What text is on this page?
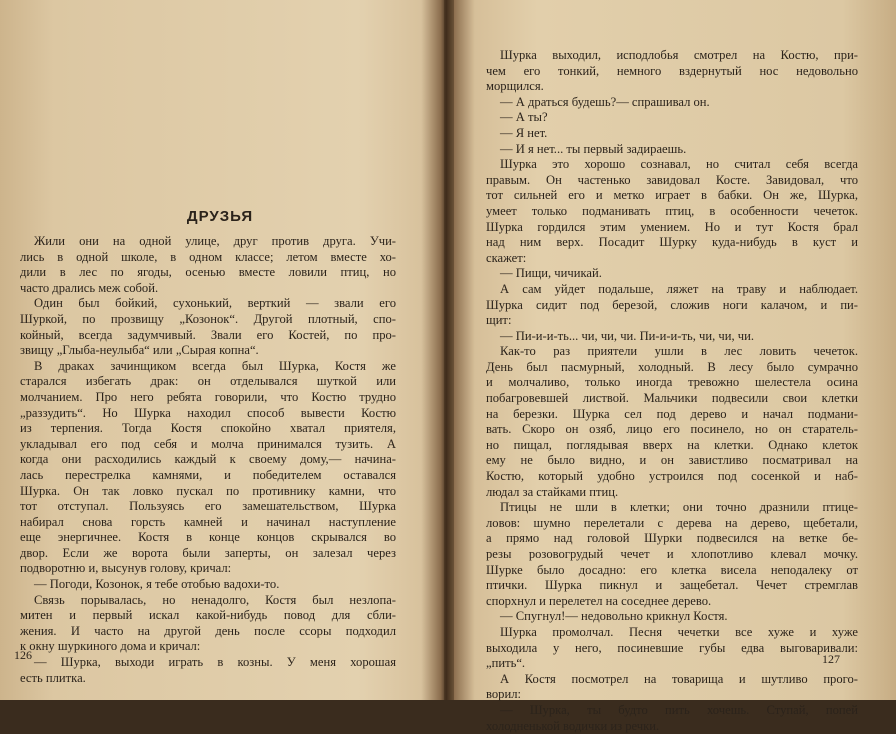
ДРУЗЬЯ
Жили они на одной улице, друг против друга. Учи-
лись в одной школе, в одном классе; летом вместе хо-
дили в лес по ягоды, осенью вместе ловили птиц, но
часто дрались меж собой.
Один был бойкий, сухонький, верткий — звали его
Шуркой, по прозвищу „Козонок“. Другой плотный, спо-
койный, всегда задумчивый. Звали его Костей, по про-
звищу „Глыба-неулыба“ или „Сырая копна“.
В драках зачинщиком всегда был Шурка, Костя же
старался избегать драк: он отделывался шуткой или
молчанием. Про него ребята говорили, что Костю трудно
„раззудить“. Но Шурка находил способ вывести Костю
из терпения. Тогда Костя спокойно хватал приятеля,
укладывал его под себя и молча принимался тузить. А
когда они расходились каждый к своему дому,— начина-
лась перестрелка камнями, и победителем оставался
Шурка. Он так ловко пускал по противнику камни, что
тот отступал. Пользуясь его замешательством, Шурка
набирал снова горсть камней и начинал наступление
еще энергичнее. Костя в конце концов скрывался во
двор. Если же ворота были заперты, он залезал через
подворотню и, высунув голову, кричал:
— Погоди, Козонок, я тебе отобью вадохи-то.
Связь порывалась, но ненадолго, Костя был незлопа-
митен и первый искал какой-нибудь повод для сбли-
жения. И часто на другой день после ссоры подходил
к окну шуркиного дома и кричал:
— Шурка, выходи играть в козны. У меня хорошая
есть плитка.
Шурка выходил, исподлобья смотрел на Костю, при-
чем его тонкий, немного вздернутый нос недовольно
морщился.
— А драться будешь?— спрашивал он.
— А ты?
— Я нет.
— И я нет... ты первый задираешь.
Шурка это хорошо сознавал, но считал себя всегда
правым. Он частенько завидовал Косте. Завидовал, что
тот сильней его и метко играет в бабки. Он же, Шурка,
умеет только подманивать птиц, в особенности чечеток.
Шурка гордился этим умением. Но и тут Костя брал
над ним верх. Посадит Шурку куда-нибудь в куст и
скажет:
— Пищи, чичикай.
А сам уйдет подальше, ляжет на траву и наблюдает.
Шурка сидит под березой, сложив ноги калачом, и пи-
щит:
— Пи-и-и-ть... чи, чи, чи. Пи-и-и-ть, чи, чи, чи.
Как-то раз приятели ушли в лес ловить чечеток.
День был пасмурный, холодный. В лесу было сумрачно
и молчаливо, только иногда тревожно шелестела осина
побагровевшей листвой. Мальчики подвесили свои клетки
на березки. Шурка сел под дерево и начал подмани-
вать. Скоро он озяб, лицо его посинело, но он старатель-
но пищал, поглядывая вверх на клетки. Однако клеток
ему не было видно, и он завистливо посматривал на
Костю, который удобно устроился под сосенкой и наб-
людал за стайками птиц.
Птицы не шли в клетки; они точно дразнили птице-
ловов: шумно перелетали с дерева на дерево, щебетали,
а прямо над головой Шурки подвесился на ветке бе-
резы розовогрудый чечет и хлопотливо клевал мочку.
Шурке было досадно: его клетка висела неподалеку от
птички. Шурка пикнул и защебетал. Чечет стремглав
спорхнул и перелетел на соседнее дерево.
— Спугнул!— недовольно крикнул Костя.
Шурка промолчал. Песня чечетки все хуже и хуже
выходила у него, посиневшие губы едва выговаривали:
„пить“.
А Костя посмотрел на товарища и шутливо прого-
ворил:
— Шурка, ты будто пить хочешь. Ступай, попей
холодненькой водички из речки.
126	127
